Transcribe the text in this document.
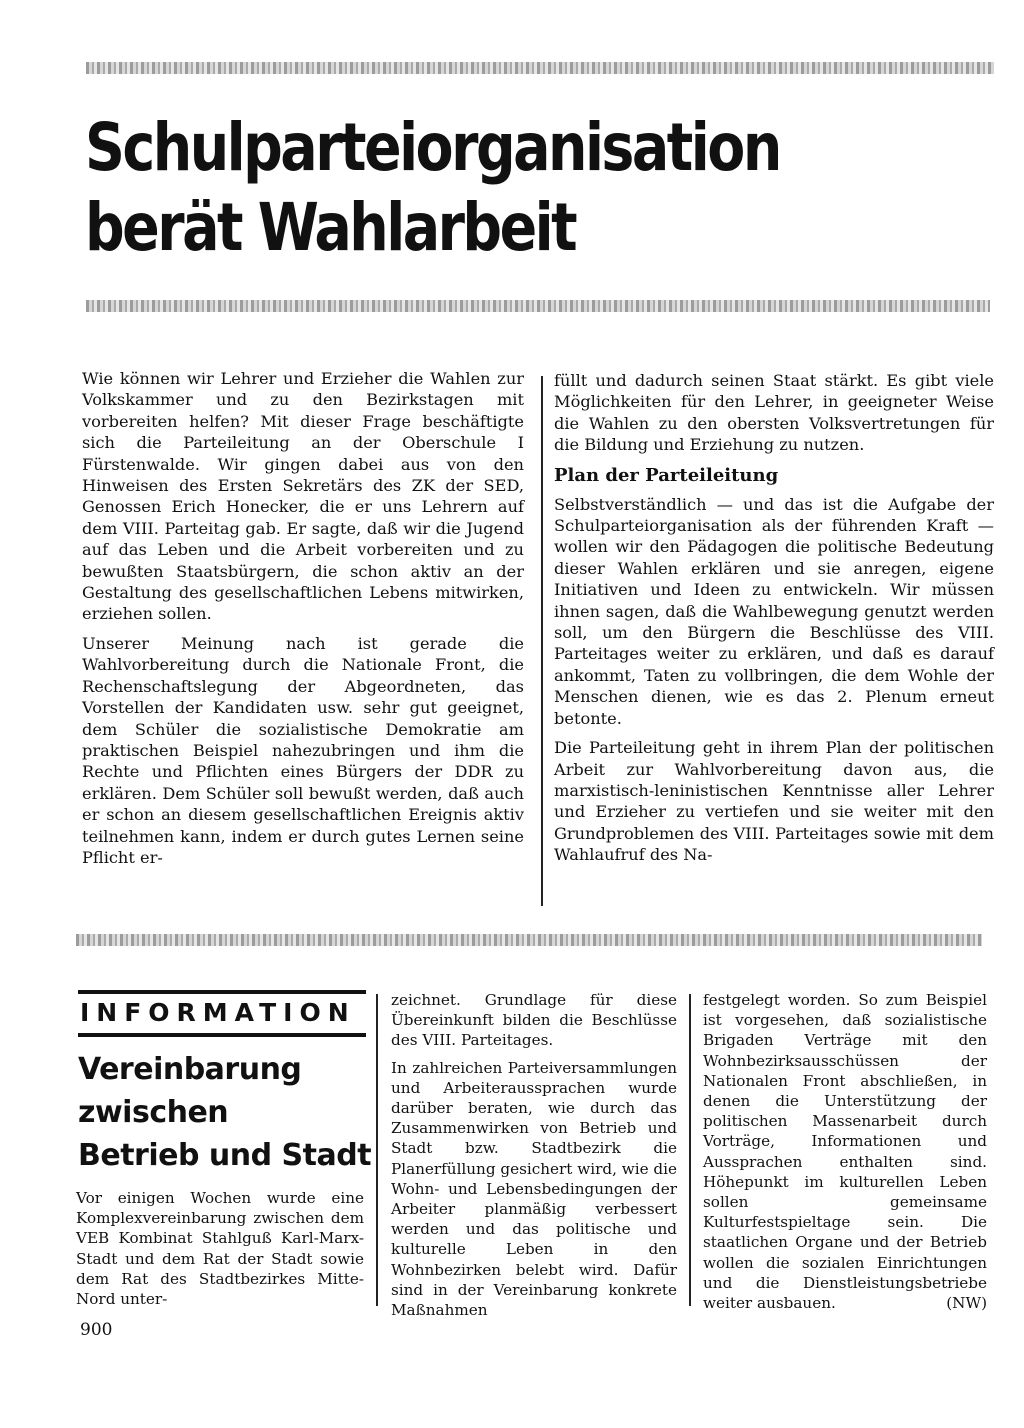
Schulparteiorganisation berät Wahlarbeit

Wie können wir Lehrer und Erzieher die Wahlen zur Volkskammer und zu den Bezirkstagen mit vorbereiten helfen? Mit dieser Frage beschäftigte sich die Parteileitung an der Oberschule I Fürstenwalde. Wir gingen dabei aus von den Hinweisen des Ersten Sekretärs des ZK der SED, Genossen Erich Honecker, die er uns Lehrern auf dem VIII. Parteitag gab. Er sagte, daß wir die Jugend auf das Leben und die Arbeit vorbereiten und zu bewußten Staatsbürgern, die schon aktiv an der Gestaltung des gesellschaftlichen Lebens mitwirken, erziehen sollen.

Unserer Meinung nach ist gerade die Wahlvorbereitung durch die Nationale Front, die Rechenschaftslegung der Abgeordneten, das Vorstellen der Kandidaten usw. sehr gut geeignet, dem Schüler die sozialistische Demokratie am praktischen Beispiel nahezubringen und ihm die Rechte und Pflichten eines Bürgers der DDR zu erklären. Dem Schüler soll bewußt werden, daß auch er schon an diesem gesellschaftlichen Ereignis aktiv teilnehmen kann, indem er durch gutes Lernen seine Pflicht er-

füllt und dadurch seinen Staat stärkt. Es gibt viele Möglichkeiten für den Lehrer, in geeigneter Weise die Wahlen zu den obersten Volksvertretungen für die Bildung und Erziehung zu nutzen.

Plan der Parteileitung

Selbstverständlich — und das ist die Aufgabe der Schulparteiorganisation als der führenden Kraft — wollen wir den Pädagogen die politische Bedeutung dieser Wahlen erklären und sie anregen, eigene Initiativen und Ideen zu entwickeln. Wir müssen ihnen sagen, daß die Wahlbewegung genutzt werden soll, um den Bürgern die Beschlüsse des VIII. Parteitages weiter zu erklären, und daß es darauf ankommt, Taten zu vollbringen, die dem Wohle der Menschen dienen, wie es das 2. Plenum erneut betonte.

Die Parteileitung geht in ihrem Plan der politischen Arbeit zur Wahlvorbereitung davon aus, die marxistisch-leninistischen Kenntnisse aller Lehrer und Erzieher zu vertiefen und sie weiter mit den Grundproblemen des VIII. Parteitages sowie mit dem Wahlaufruf des Na-

INFORMATION
Vereinbarung
zwischen
Betrieb und Stadt

Vor einigen Wochen wurde eine Komplexvereinbarung zwischen dem VEB Kombinat Stahlguß Karl-Marx-Stadt und dem Rat der Stadt sowie dem Rat des Stadtbezirkes Mitte-Nord unter-

zeichnet. Grundlage für diese Übereinkunft bilden die Beschlüsse des VIII. Parteitages.

In zahlreichen Parteiversammlungen und Arbeiteraussprachen wurde darüber beraten, wie durch das Zusammenwirken von Betrieb und Stadt bzw. Stadtbezirk die Planerfüllung gesichert wird, wie die Wohn- und Lebensbedingungen der Arbeiter planmäßig verbessert werden und das politische und kulturelle Leben in den Wohnbezirken belebt wird. Dafür sind in der Vereinbarung konkrete Maßnahmen

festgelegt worden. So zum Beispiel ist vorgesehen, daß sozialistische Brigaden Verträge mit den Wohnbezirksausschüssen der Nationalen Front abschließen, in denen die Unterstützung der politischen Massenarbeit durch Vorträge, Informationen und Aussprachen enthalten sind. Höhepunkt im kulturellen Leben sollen gemeinsame Kulturfestspieltage sein. Die staatlichen Organe und der Betrieb wollen die sozialen Einrichtungen und die Dienstleistungsbetriebe weiter ausbauen.	(NW)

900
